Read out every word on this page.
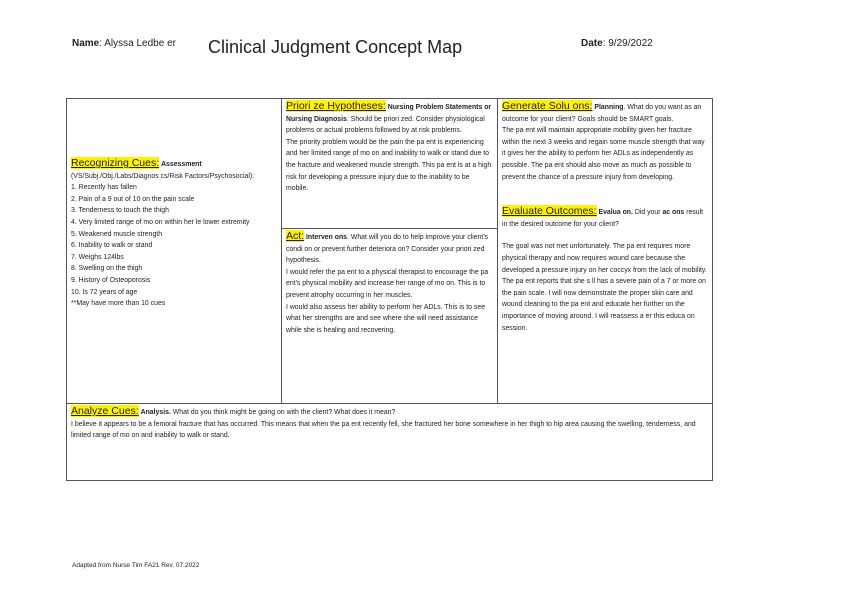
Name: Alyssa Ledbe er Clinical Judgment Concept Map	Date: 9/29/2022
Recognizing Cues: Assessment
(VS/Subj./Obj./Labs/Diagnos cs/Risk Factors/Psychosocial):
1. Recently has fallen
2. Pain of a 9 out of 10 on the pain scale
3. Tenderness to touch the thigh
4. Very limited range of mo on within her le lower extremity
5. Weakened muscle strength
6. Inability to walk or stand
7. Weighs 124lbs
8. Swelling on the thigh
9. History of Osteoporosis
10. Is 72 years of age
**May have more than 10 cues
Priori ze Hypotheses: Nursing Problem Statements or Nursing Diagnosis. Should be priori zed. Consider physiological problems or actual problems followed by at risk problems.
The priority problem would be the pain the pa ent is experiencing and her limited range of mo on and inability to walk or stand due to the fracture and weakened muscle strength. This pa ent is at a high risk for developing a pressure injury due to the inability to be mobile.
Act: Interven ons. What will you do to help improve your client's condi on or prevent further deteriora on? Consider your priori zed hypothesis.
I would refer the pa ent to a physical therapist to encourage the pa ent's physical mobility and increase her range of mo on. This is to prevent atrophy occurring in her muscles.
I would also assess her ability to perform her ADLs. This is to see what her strengths are and see where she will need assistance while she is healing and recovering.
Generate Solu ons: Planning. What do you want as an outcome for your client? Goals should be SMART goals.
The pa ent will maintain appropriate mobility given her fracture within the next 3 weeks and regain some muscle strength that way it gives her the ability to perform her ADLs as independently as possible. The pa ent should also move as much as possible to prevent the chance of a pressure injury from developing.
Evaluate Outcomes: Evalua on. Did your ac ons result in the desired outcome for your client?
The goal was not met unfortunately. The pa ent requires more physical therapy and now requires wound care because she developed a pressure injury on her coccyx from the lack of mobility. The pa ent reports that she s ll has a severe pain of a 7 or more on the pain scale. I will now demonstrate the proper skin care and wound cleaning to the pa ent and educate her further on the importance of moving around. I will reassess a er this educa on session.
Analyze Cues: Analysis. What do you think might be going on with the client? What does it mean?
I believe it appears to be a femoral fracture that has occurred. This means that when the pa ent recently fell, she fractured her bone somewhere in her thigh to hip area causing the swelling, tenderness, and limited range of mo on and inability to walk or stand.
Adapted from Nurse Tim FA21 Rev. 07.2022
